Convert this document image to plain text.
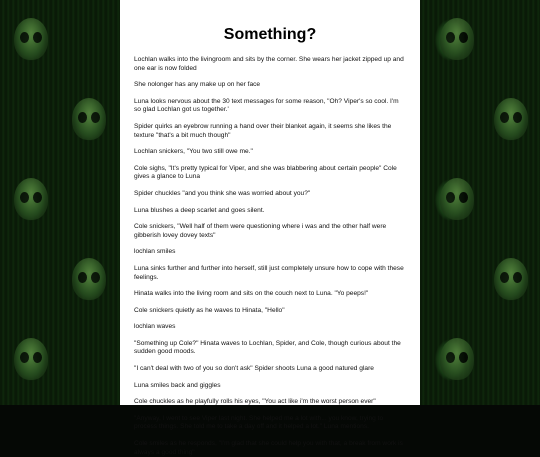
Something?

Lochlan walks into the livingroom and sits by the corner. She wears her jacket zipped up and one ear is now folded

She nolonger has any make up on her face

Luna looks nervous about the 30 text messages for some reason, "Oh? Viper's so cool. I'm so glad Lochlan got us together.'

Spider quirks an eyebrow running a hand over their blanket again, it seems she likes the texture "that's a bit much though"

Lochlan snickers, "You two still owe me."

Cole sighs, "It's pretty typical for Viper, and she was blabbering about certain people" Cole gives a glance to Luna

Spider chuckles "and you think she was worried about you?"

Luna blushes a deep scarlet and goes silent.

Cole snickers, "Well half of them were questioning where i was and the other half were gibberish lovey dovey texts"

lochlan smiles

Luna sinks further and further into herself, still just completely unsure how to cope with these feelings.

Hinata walks into the living room and sits on the couch next to Luna. "Yo peeps!"

Cole snickers quietly as he waves to Hinata, "Hello"

lochlan waves

"Something up Cole?" Hinata waves to Lochlan, Spider, and Cole, though curious about the sudden good moods.

"I can't deal with two of you so don't ask" Spider shoots Luna a good natured glare

Luna smiles back and giggles

Cole chuckles as he playfully rolls his eyes, "You act like i'm the worst person ever"

"Anyway, I went to see Viper last night. She helped me a lot with... you know, trying to process things. She told me to take a day off and it helped a lot." Luna mentions.

Cole smiles as he responds, "I'm glad that she could help you with that, a break from work is always a good thing"
